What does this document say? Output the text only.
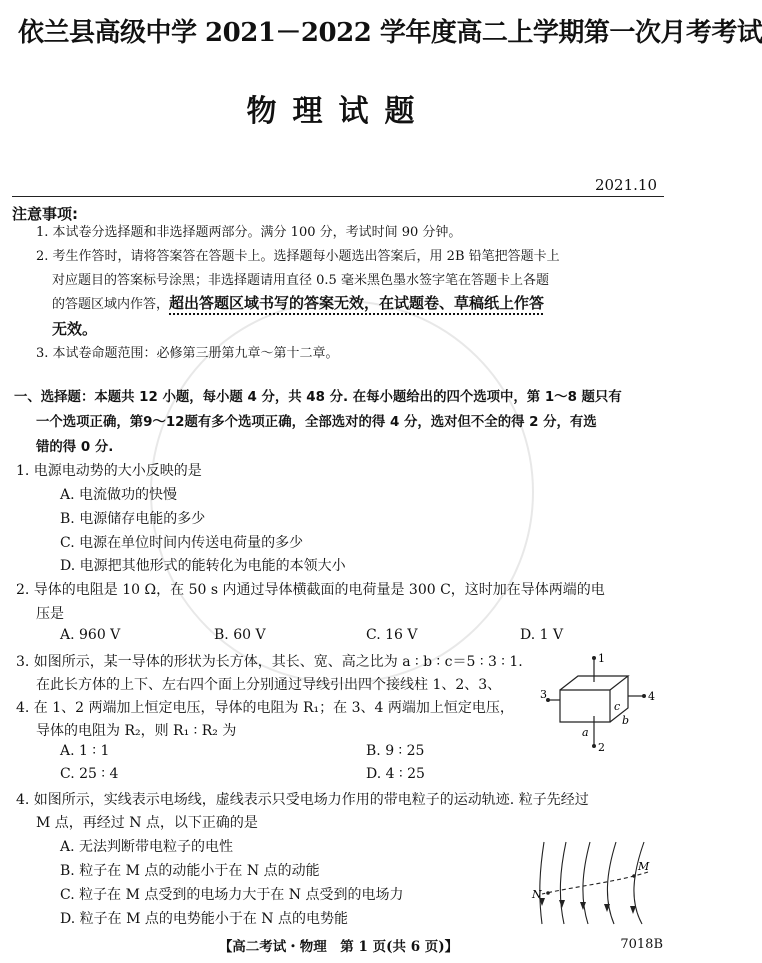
依兰县高级中学 2021－2022 学年度高二上学期第一次月考考试
物理试题
2021.10
注意事项:
1. 本试卷分选择题和非选择题两部分。满分 100 分，考试时间 90 分钟。
2. 考生作答时，请将答案答在答题卡上。选择题每小题选出答案后，用 2B 铅笔把答题卡上
对应题目的答案标号涂黑；非选择题请用直径 0.5 毫米黑色墨水签字笔在答题卡上各题
的答题区域内作答，超出答题区域书写的答案无效，在试题卷、草稿纸上作答
无效。
3. 本试卷命题范围：必修第三册第九章～第十二章。
一、选择题：本题共 12 小题，每小题 4 分，共 48 分. 在每小题给出的四个选项中，第 1～8 题只有
一个选项正确，第9～12题有多个选项正确，全部选对的得 4 分，选对但不全的得 2 分，有选
错的得 0 分.
1. 电源电动势的大小反映的是
A. 电流做功的快慢
B. 电源储存电能的多少
C. 电源在单位时间内传送电荷量的多少
D. 电源把其他形式的能转化为电能的本领大小
2. 导体的电阻是 10 Ω，在 50 s 内通过导体横截面的电荷量是 300 C，这时加在导体两端的电
压是
A. 960 V	B. 60 V	C. 16 V	D. 1 V
3. 如图所示，某一导体的形状为长方体，其长、宽、高之比为 a ∶ b ∶ c＝5 ∶ 3 ∶ 1.
在此长方体的上下、左右四个面上分别通过导线引出四个接线柱 1、2、3、
4. 在 1、2 两端加上恒定电压，导体的电阻为 R₁；在 3、4 两端加上恒定电压，
导体的电阻为 R₂，则 R₁ ∶ R₂ 为
A. 1 ∶ 1	B. 9 ∶ 25
C. 25 ∶ 4	D. 4 ∶ 25
1
2
3	4
a
b
c
4. 如图所示，实线表示电场线，虚线表示只受电场力作用的带电粒子的运动轨迹. 粒子先经过
M 点，再经过 N 点，以下正确的是
A. 无法判断带电粒子的电性
B. 粒子在 M 点的动能小于在 N 点的动能
C. 粒子在 M 点受到的电场力大于在 N 点受到的电场力
D. 粒子在 M 点的电势能小于在 N 点的电势能
M
N
【高二考试・物理　第 1 页(共 6 页)】	7018B
